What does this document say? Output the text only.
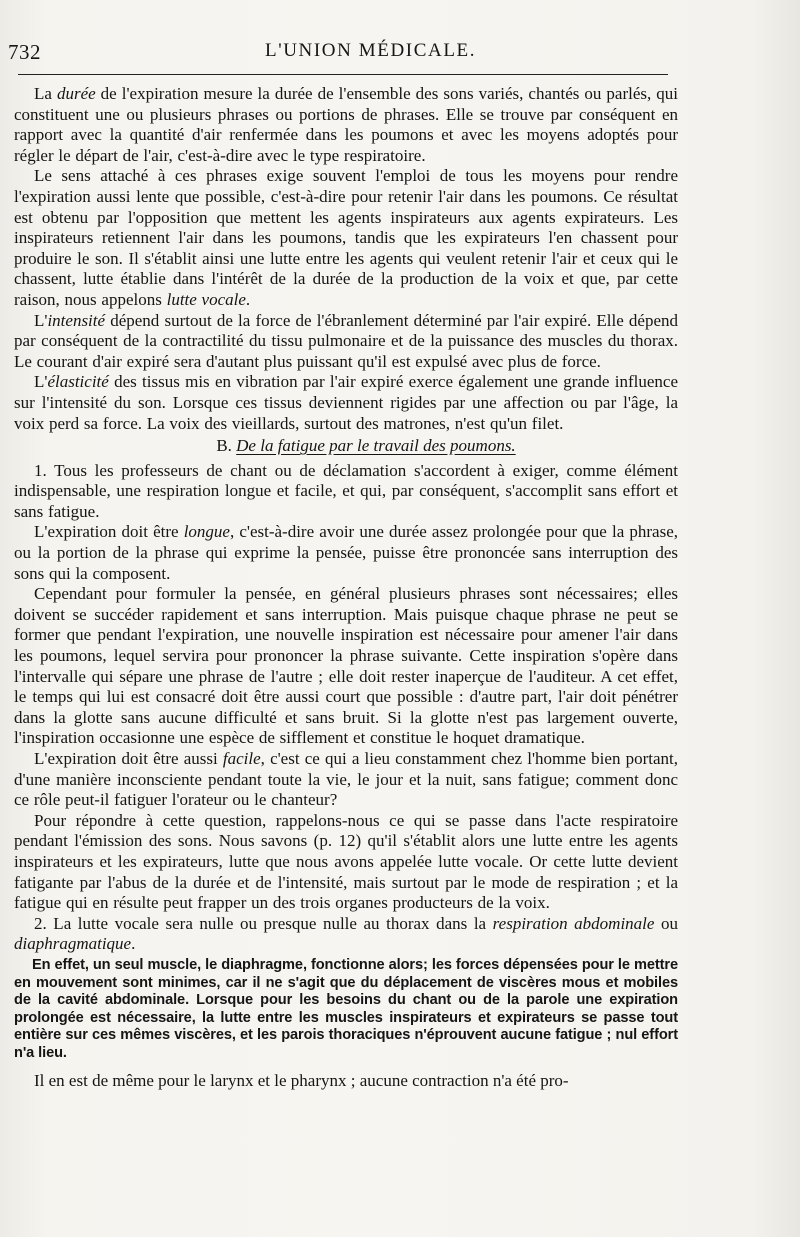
732	L'UNION MÉDICALE.

La durée de l'expiration mesure la durée de l'ensemble des sons variés, chantés ou parlés, qui constituent une ou plusieurs phrases ou portions de phrases. Elle se trouve par conséquent en rapport avec la quantité d'air renfermée dans les poumons et avec les moyens adoptés pour régler le départ de l'air, c'est-à-dire avec le type respiratoire.

Le sens attaché à ces phrases exige souvent l'emploi de tous les moyens pour rendre l'expiration aussi lente que possible, c'est-à-dire pour retenir l'air dans les poumons. Ce résultat est obtenu par l'opposition que mettent les agents inspirateurs aux agents expirateurs. Les inspirateurs retiennent l'air dans les poumons, tandis que les expirateurs l'en chassent pour produire le son. Il s'établit ainsi une lutte entre les agents qui veulent retenir l'air et ceux qui le chassent, lutte établie dans l'intérêt de la durée de la production de la voix et que, par cette raison, nous appelons lutte vocale.

L'intensité dépend surtout de la force de l'ébranlement déterminé par l'air expiré. Elle dépend par conséquent de la contractilité du tissu pulmonaire et de la puissance des muscles du thorax. Le courant d'air expiré sera d'autant plus puissant qu'il est expulsé avec plus de force.

L'élasticité des tissus mis en vibration par l'air expiré exerce également une grande influence sur l'intensité du son. Lorsque ces tissus deviennent rigides par une affection ou par l'âge, la voix perd sa force. La voix des vieillards, surtout des matrones, n'est qu'un filet.

B. De la fatigue par le travail des poumons.

1. Tous les professeurs de chant ou de déclamation s'accordent à exiger, comme élément indispensable, une respiration longue et facile, et qui, par conséquent, s'accomplit sans effort et sans fatigue.

L'expiration doit être longue, c'est-à-dire avoir une durée assez prolongée pour que la phrase, ou la portion de la phrase qui exprime la pensée, puisse être prononcée sans interruption des sons qui la composent.

Cependant pour formuler la pensée, en général plusieurs phrases sont nécessaires; elles doivent se succéder rapidement et sans interruption. Mais puisque chaque phrase ne peut se former que pendant l'expiration, une nouvelle inspiration est nécessaire pour amener l'air dans les poumons, lequel servira pour prononcer la phrase suivante. Cette inspiration s'opère dans l'intervalle qui sépare une phrase de l'autre ; elle doit rester inaperçue de l'auditeur. A cet effet, le temps qui lui est consacré doit être aussi court que possible : d'autre part, l'air doit pénétrer dans la glotte sans aucune difficulté et sans bruit. Si la glotte n'est pas largement ouverte, l'inspiration occasionne une espèce de sifflement et constitue le hoquet dramatique.

L'expiration doit être aussi facile, c'est ce qui a lieu constamment chez l'homme bien portant, d'une manière inconsciente pendant toute la vie, le jour et la nuit, sans fatigue; comment donc ce rôle peut-il fatiguer l'orateur ou le chanteur?

Pour répondre à cette question, rappelons-nous ce qui se passe dans l'acte respiratoire pendant l'émission des sons. Nous savons (p. 12) qu'il s'établit alors une lutte entre les agents inspirateurs et les expirateurs, lutte que nous avons appelée lutte vocale. Or cette lutte devient fatigante par l'abus de la durée et de l'intensité, mais surtout par le mode de respiration ; et la fatigue qui en résulte peut frapper un des trois organes producteurs de la voix.

2. La lutte vocale sera nulle ou presque nulle au thorax dans la respiration abdominale ou diaphragmatique.

En effet, un seul muscle, le diaphragme, fonctionne alors; les forces dépensées pour le mettre en mouvement sont minimes, car il ne s'agit que du déplacement de viscères mous et mobiles de la cavité abdominale. Lorsque pour les besoins du chant ou de la parole une expiration prolongée est nécessaire, la lutte entre les muscles inspirateurs et expirateurs se passe tout entière sur ces mêmes viscères, et les parois thoraciques n'éprouvent aucune fatigue ; nul effort n'a lieu.

Il en est de même pour le larynx et le pharynx ; aucune contraction n'a été pro-
